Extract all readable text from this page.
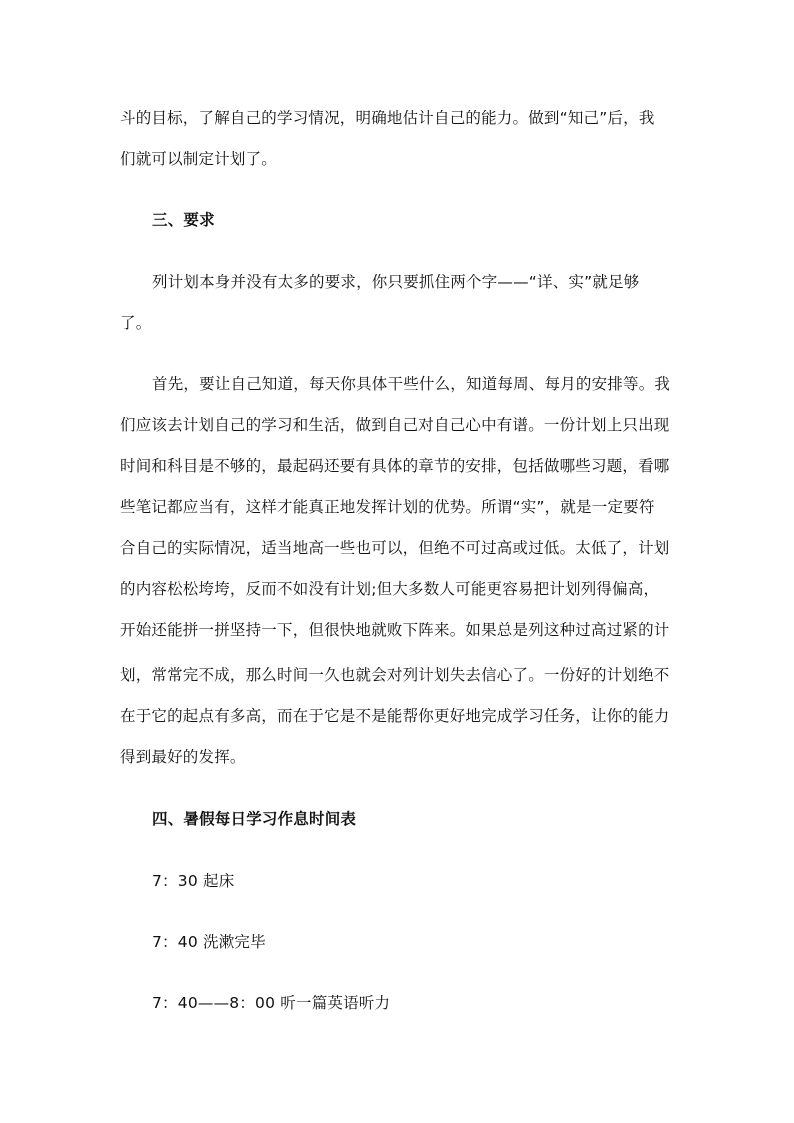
斗的目标，了解自己的学习情况，明确地估计自己的能力。做到“知己”后，我
们就可以制定计划了。
三、要求
列计划本身并没有太多的要求，你只要抓住两个字——“详、实”就足够
了。
首先，要让自己知道，每天你具体干些什么，知道每周、每月的安排等。我
们应该去计划自己的学习和生活，做到自己对自己心中有谱。一份计划上只出现
时间和科目是不够的，最起码还要有具体的章节的安排，包括做哪些习题，看哪
些笔记都应当有，这样才能真正地发挥计划的优势。所谓“实”，就是一定要符
合自己的实际情况，适当地高一些也可以，但绝不可过高或过低。太低了，计划
的内容松松垮垮，反而不如没有计划;但大多数人可能更容易把计划列得偏高，
开始还能拼一拼坚持一下，但很快地就败下阵来。如果总是列这种过高过紧的计
划，常常完不成，那么时间一久也就会对列计划失去信心了。一份好的计划绝不
在于它的起点有多高，而在于它是不是能帮你更好地完成学习任务，让你的能力
得到最好的发挥。
四、暑假每日学习作息时间表
7：30 起床
7：40 洗漱完毕
7：40——8：00 听一篇英语听力
